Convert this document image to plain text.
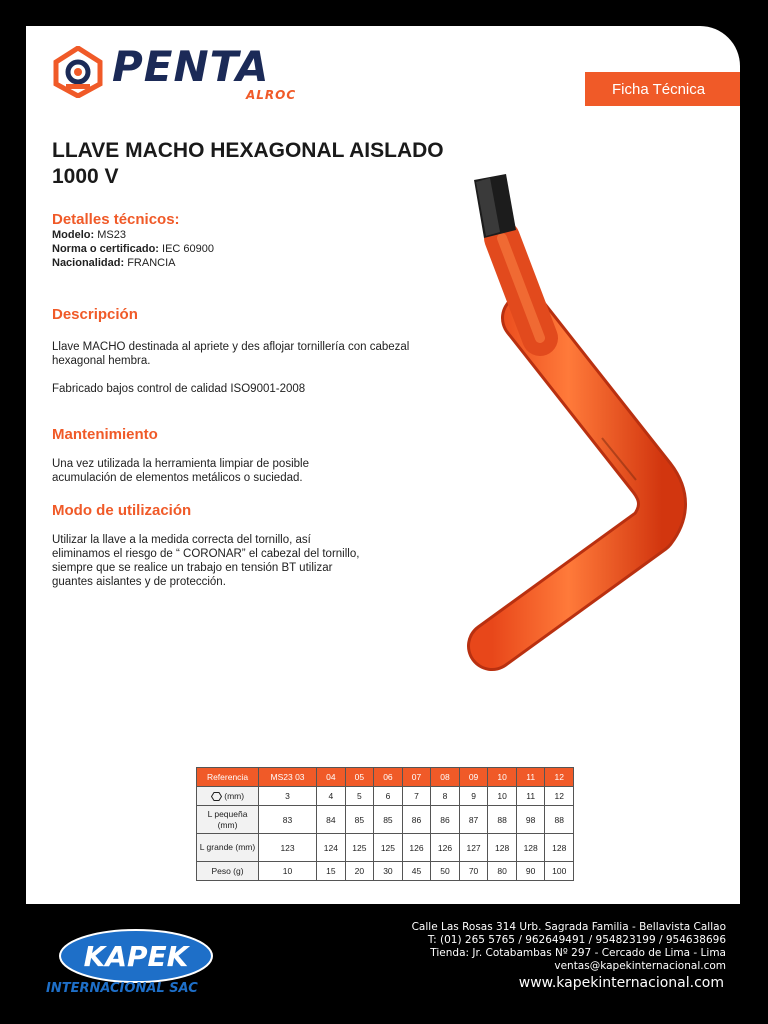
PENTA
ALROC	Ficha Técnica
LLAVE MACHO HEXAGONAL AISLADO
1000 V
Detalles técnicos:
Modelo: MS23
Norma o certificado: IEC 60900
Nacionalidad: FRANCIA
Descripción
Llave MACHO destinada al apriete y des aflojar tornillería con cabezal hexagonal hembra.
Fabricado bajos control de calidad ISO9001-2008
Mantenimiento
Una vez utilizada la herramienta limpiar de posible acumulación de elementos metálicos o suciedad.
Modo de utilización
Utilizar la llave a la medida correcta del tornillo, así eliminamos el riesgo de “ CORONAR” el cabezal del tornillo, siempre que se realice un trabajo en tensión BT utilizar guantes aislantes y de protección.
Referencia	MS23 03	04	05	06	07	08	09	10	11	12
(mm)	3	4	5	6	7	8	9	10	11	12
L pequeña (mm)	83	84	85	85	86	86	87	88	98	88
L grande (mm)	123	124	125	125	126	126	127	128	128	128
Peso (g)	10	15	20	30	45	50	70	80	90	100
KAPEK
INTERNACIONAL SAC
Calle Las Rosas 314 Urb. Sagrada Familia - Bellavista Callao
T: (01) 265 5765 / 962649491 / 954823199 / 954638696
Tienda: Jr. Cotabambas Nº 297 - Cercado de Lima - Lima
ventas@kapekinternacional.com
www.kapekinternacional.com
